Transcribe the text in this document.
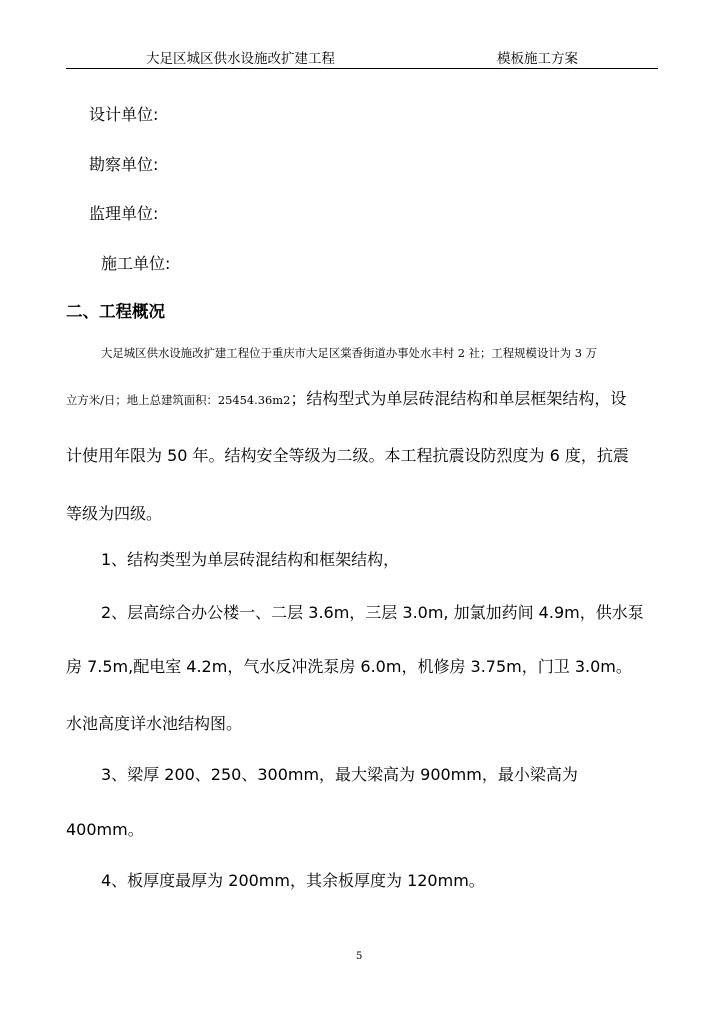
大足区城区供水设施改扩建工程	模板施工方案
设计单位:
勘察单位:
监理单位:
施工单位:
二、工程概况
大足城区供水设施改扩建工程位于重庆市大足区棠香街道办事处水丰村 2 社；工程规模设计为 3 万
立方米/日；地上总建筑面积：25454.36m2；结构型式为单层砖混结构和单层框架结构，设
计使用年限为 50 年。结构安全等级为二级。本工程抗震设防烈度为 6 度，抗震
等级为四级。
1、结构类型为单层砖混结构和框架结构，
2、层高综合办公楼一、二层 3.6m，三层 3.0m, 加氯加药间 4.9m，供水泵
房 7.5m,配电室 4.2m，气水反冲洗泵房 6.0m，机修房 3.75m，门卫 3.0m。
水池高度详水池结构图。
3、梁厚 200、250、300mm，最大梁高为 900mm，最小梁高为
400mm。
4、板厚度最厚为 200mm，其余板厚度为 120mm。
5
